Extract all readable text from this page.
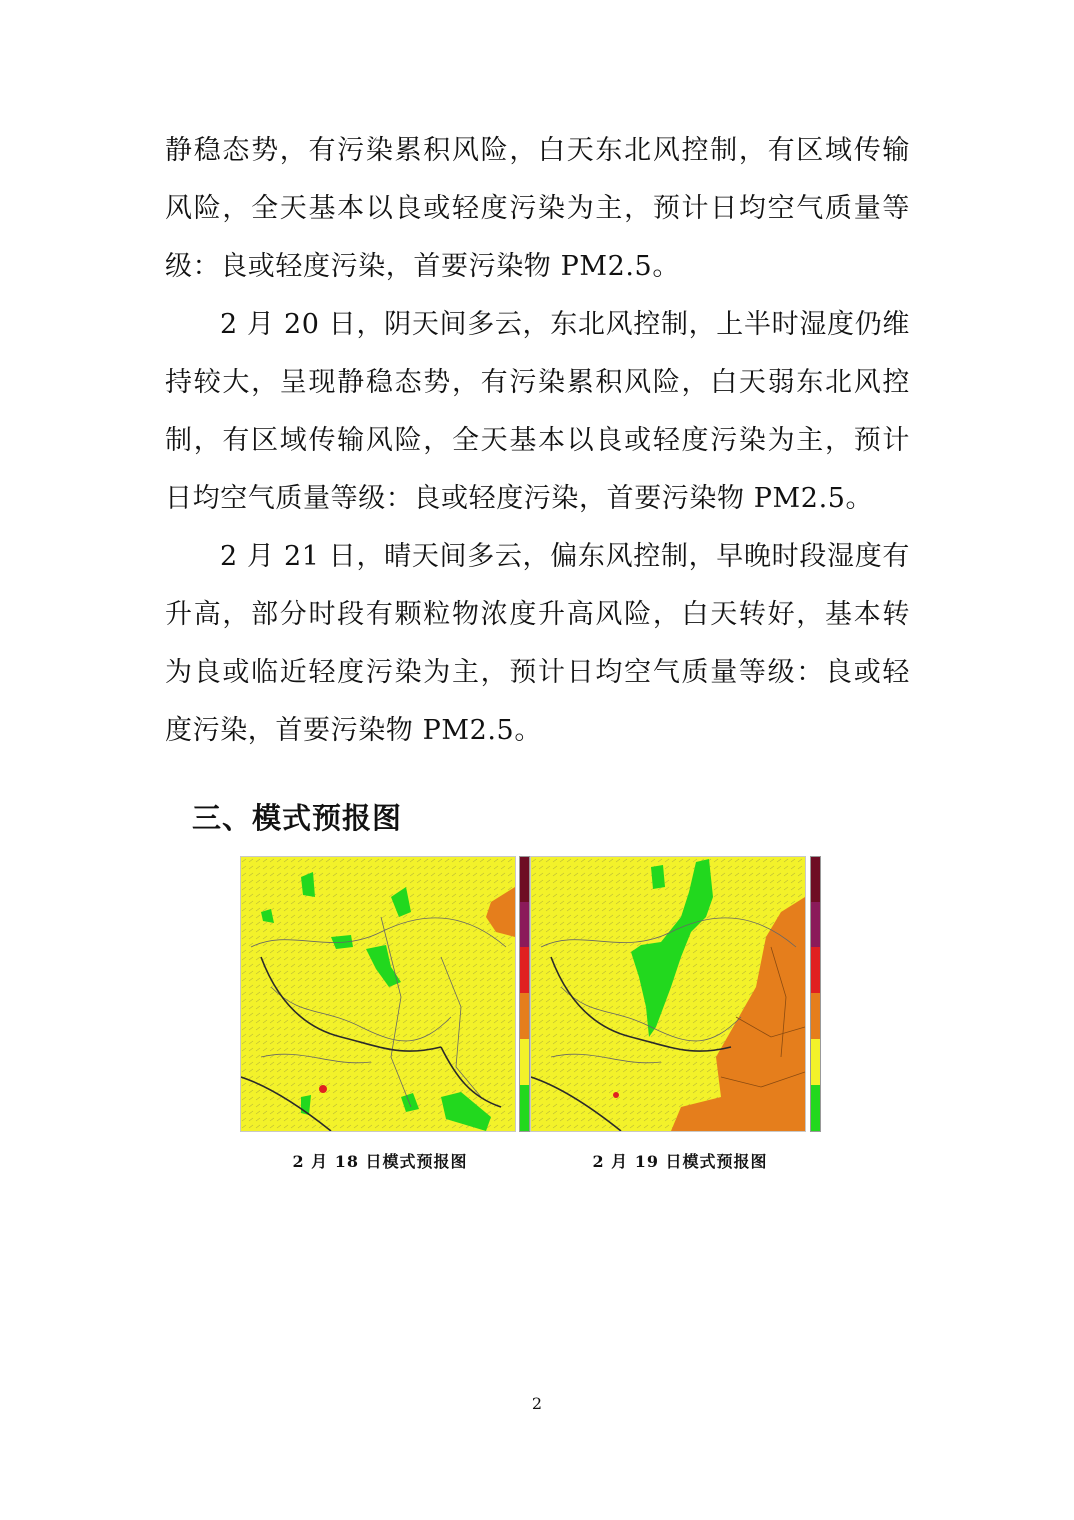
静稳态势，有污染累积风险，白天东北风控制，有区域传输风险，全天基本以良或轻度污染为主，预计日均空气质量等级：良或轻度污染，首要污染物 PM2.5。

2 月 20 日，阴天间多云，东北风控制，上半时湿度仍维持较大，呈现静稳态势，有污染累积风险，白天弱东北风控制，有区域传输风险，全天基本以良或轻度污染为主，预计日均空气质量等级：良或轻度污染，首要污染物 PM2.5。

2 月 21 日，晴天间多云，偏东风控制，早晚时段湿度有升高，部分时段有颗粒物浓度升高风险，白天转好，基本转为良或临近轻度污染为主，预计日均空气质量等级：良或轻度污染，首要污染物 PM2.5。

三、模式预报图
2 月 18 日模式预报图	2 月 19 日模式预报图
2
